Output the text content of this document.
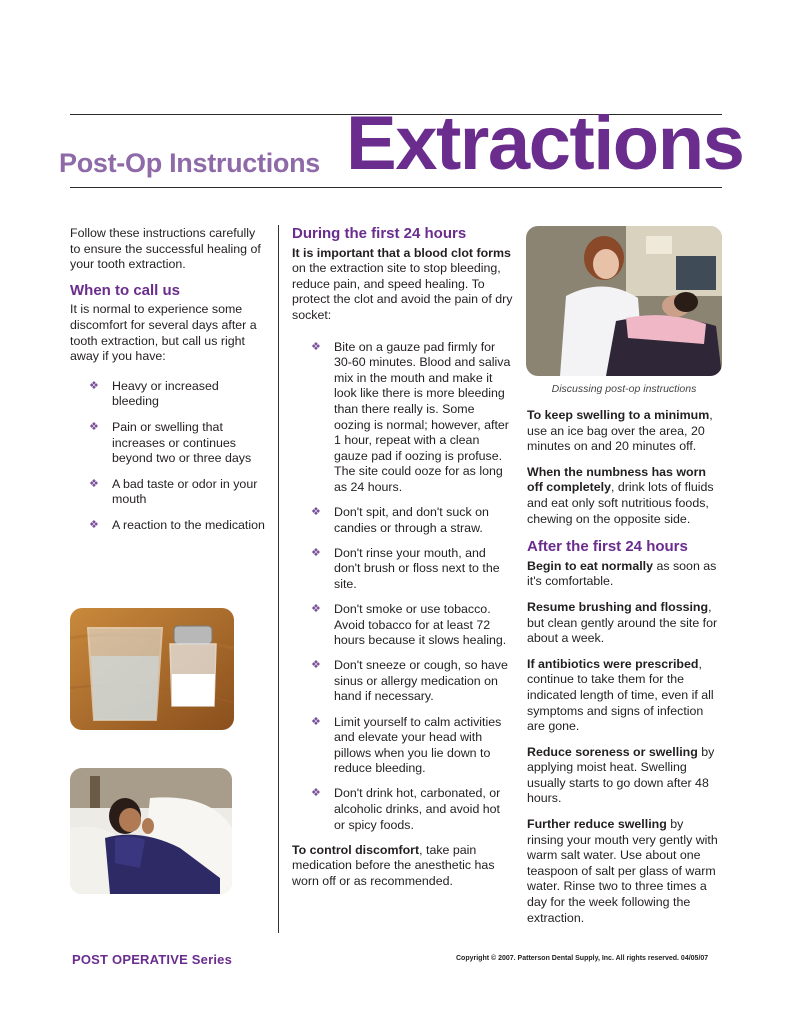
Post-Op Instructions Extractions

Follow these instructions carefully to ensure the successful healing of your tooth extraction.

When to call us

It is normal to experience some discomfort for several days after a tooth extraction, but call us right away if you have:

❖ Heavy or increased bleeding
❖ Pain or swelling that increases or continues beyond two or three days
❖ A bad taste or odor in your mouth
❖ A reaction to the medication
During the first 24 hours

It is important that a blood clot forms on the extraction site to stop bleeding, reduce pain, and speed healing. To protect the clot and avoid the pain of dry socket:

❖ Bite on a gauze pad firmly for 30-60 minutes. Blood and saliva mix in the mouth and make it look like there is more bleeding than there really is. Some oozing is normal; however, after 1 hour, repeat with a clean gauze pad if oozing is profuse. The site could ooze for as long as 24 hours.
❖ Don't spit, and don't suck on candies or through a straw.
❖ Don't rinse your mouth, and don't brush or floss next to the site.
❖ Don't smoke or use tobacco. Avoid tobacco for at least 72 hours because it slows healing.
❖ Don't sneeze or cough, so have sinus or allergy medication on hand if necessary.
❖ Limit yourself to calm activities and elevate your head with pillows when you lie down to reduce bleeding.
❖ Don't drink hot, carbonated, or alcoholic drinks, and avoid hot or spicy foods.

To control discomfort, take pain medication before the anesthetic has worn off or as recommended.

Discussing post-op instructions

To keep swelling to a minimum, use an ice bag over the area, 20 minutes on and 20 minutes off.

When the numbness has worn off completely, drink lots of fluids and eat only soft nutritious foods, chewing on the opposite side.

After the first 24 hours

Begin to eat normally as soon as it's comfortable.

Resume brushing and flossing, but clean gently around the site for about a week.

If antibiotics were prescribed, continue to take them for the indicated length of time, even if all symptoms and signs of infection are gone.

Reduce soreness or swelling by applying moist heat. Swelling usually starts to go down after 48 hours.

Further reduce swelling by rinsing your mouth very gently with warm salt water. Use about one teaspoon of salt per glass of warm water. Rinse two to three times a day for the week following the extraction.

POST OPERATIVE Series	Copyright © 2007. Patterson Dental Supply, Inc. All rights reserved. 04/05/07
